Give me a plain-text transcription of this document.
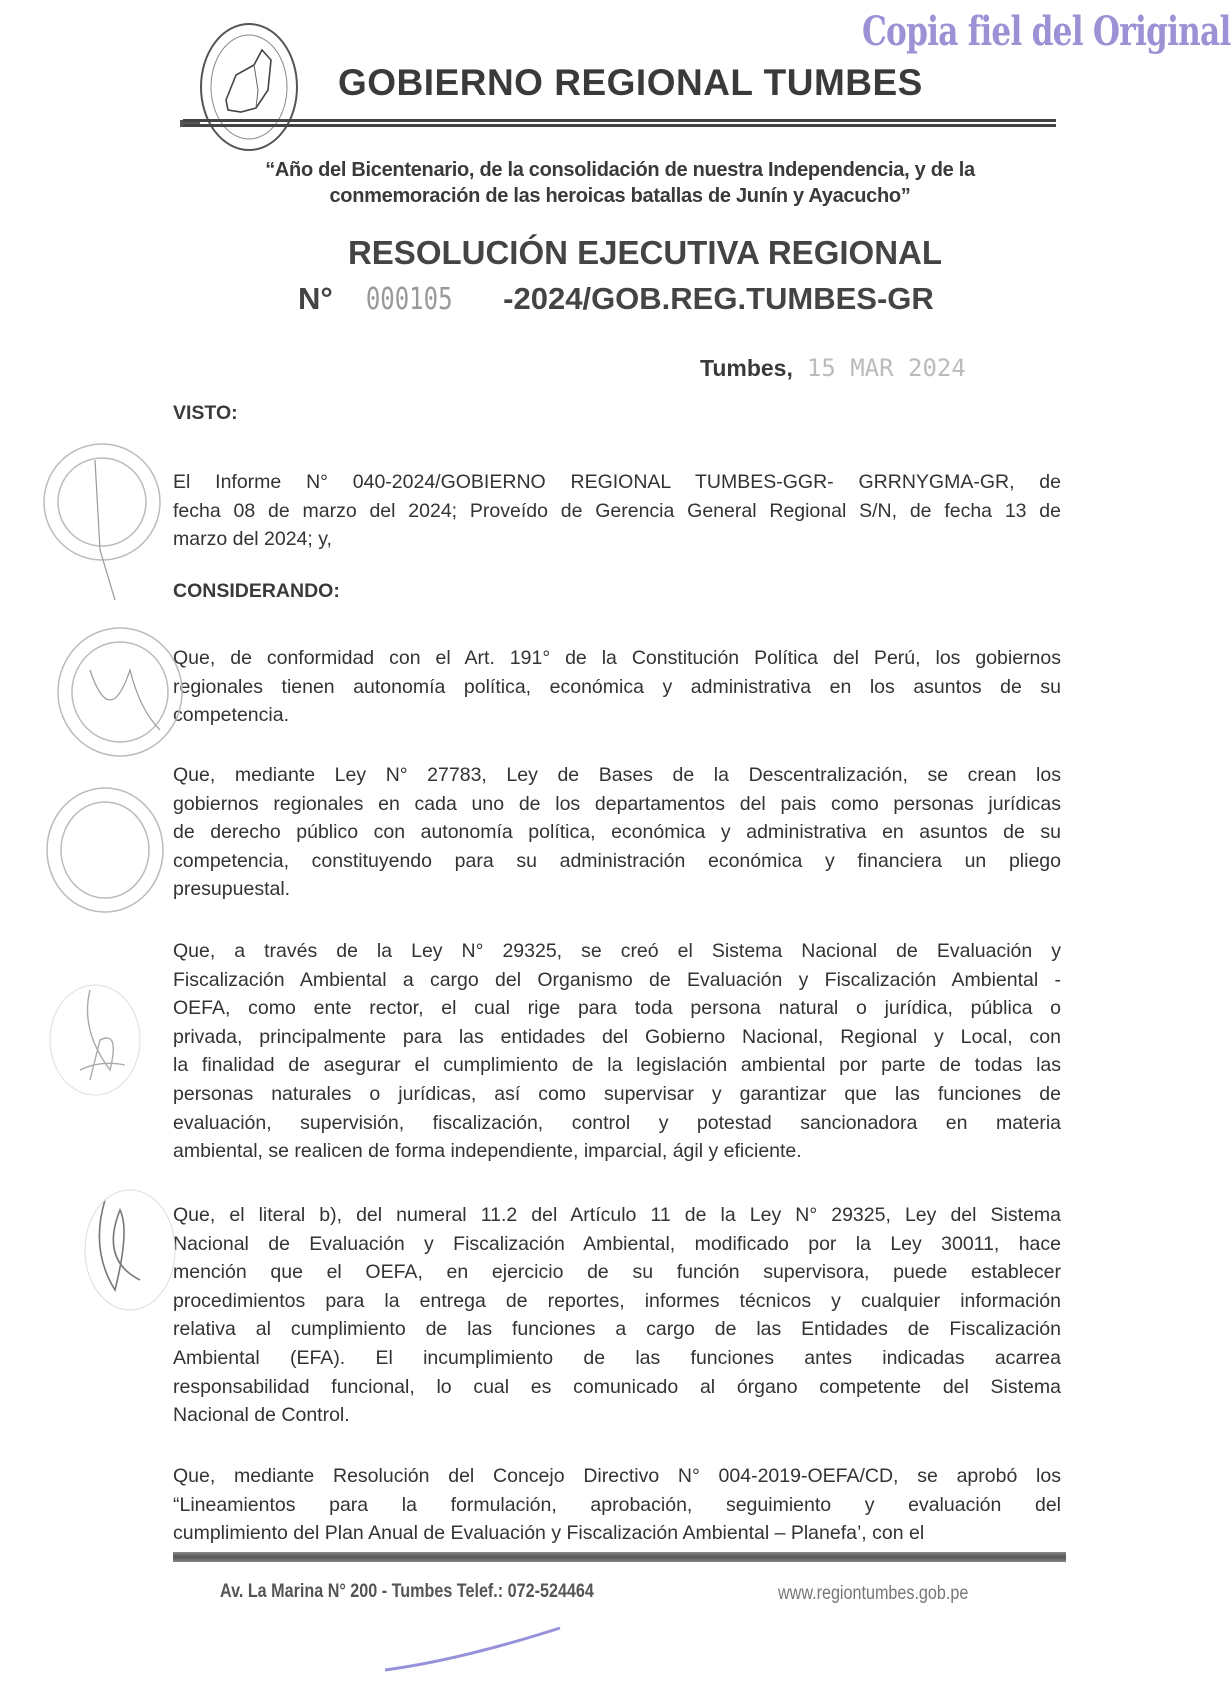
Copia fiel del Original
GOBIERNO REGIONAL TUMBES
“Año del Bicentenario, de la consolidación de nuestra Independencia, y de la
conmemoración de las heroicas batallas de Junín y Ayacucho”
RESOLUCIÓN EJECUTIVA REGIONAL
N° 000105 -2024/GOB.REG.TUMBES-GR
Tumbes, 15 MAR 2024
VISTO:
CONSIDERANDO:
El Informe N° 040-2024/GOBIERNO REGIONAL TUMBES-GGR- GRRNYGMA-GR, de
fecha 08 de marzo del 2024; Proveído de Gerencia General Regional S/N, de fecha 13 de
marzo del 2024; y,
Que, de conformidad con el Art. 191° de la Constitución Política del Perú, los gobiernos
regionales tienen autonomía política, económica y administrativa en los asuntos de su
competencia.
Que, mediante Ley N° 27783, Ley de Bases de la Descentralización, se crean los
gobiernos regionales en cada uno de los departamentos del pais como personas jurídicas
de derecho público con autonomía política, económica y administrativa en asuntos de su
competencia, constituyendo para su administración económica y financiera un pliego
presupuestal.
Que, a través de la Ley N° 29325, se creó el Sistema Nacional de Evaluación y
Fiscalización Ambiental a cargo del Organismo de Evaluación y Fiscalización Ambiental -
OEFA, como ente rector, el cual rige para toda persona natural o jurídica, pública o
privada, principalmente para las entidades del Gobierno Nacional, Regional y Local, con
la finalidad de asegurar el cumplimiento de la legislación ambiental por parte de todas las
personas naturales o jurídicas, así como supervisar y garantizar que las funciones de
evaluación, supervisión, fiscalización, control y potestad sancionadora en materia
ambiental, se realicen de forma independiente, imparcial, ágil y eficiente.
Que, el literal b), del numeral 11.2 del Artículo 11 de la Ley N° 29325, Ley del Sistema
Nacional de Evaluación y Fiscalización Ambiental, modificado por la Ley 30011, hace
mención que el OEFA, en ejercicio de su función supervisora, puede establecer
procedimientos para la entrega de reportes, informes técnicos y cualquier información
relativa al cumplimiento de las funciones a cargo de las Entidades de Fiscalización
Ambiental (EFA). El incumplimiento de las funciones antes indicadas acarrea
responsabilidad funcional, lo cual es comunicado al órgano competente del Sistema
Nacional de Control.
Que, mediante Resolución del Concejo Directivo N° 004-2019-OEFA/CD, se aprobó los
“Lineamientos para la formulación, aprobación, seguimiento y evaluación del
cumplimiento del Plan Anual de Evaluación y Fiscalización Ambiental – Planefa’, con el
Av. La Marina N° 200 - Tumbes Telef.: 072-524464	www.regiontumbes.gob.pe
